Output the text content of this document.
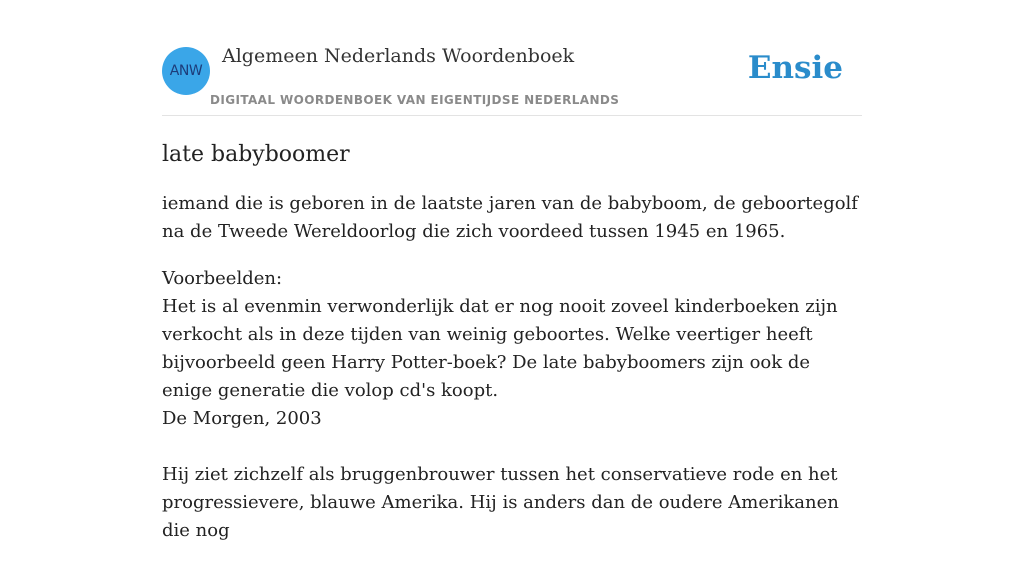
ANW
Algemeen Nederlands Woordenboek
DIGITAAL WOORDENBOEK VAN EIGENTIJDSE NEDERLANDS
Ensie
late babyboomer

iemand die is geboren in de laatste jaren van de babyboom, de geboortegolf na de Tweede Wereldoorlog die zich voordeed tussen 1945 en 1965.

Voorbeelden:
Het is al evenmin verwonderlijk dat er nog nooit zoveel kinderboeken zijn verkocht als in deze tijden van weinig geboortes. Welke veertiger heeft bijvoorbeeld geen Harry Potter-boek? De late babyboomers zijn ook de enige generatie die volop cd's koopt.
De Morgen, 2003
Hij ziet zichzelf als bruggenbrouwer tussen het conservatieve rode en het progressievere, blauwe Amerika. Hij is anders dan de oudere Amerikanen die nog
